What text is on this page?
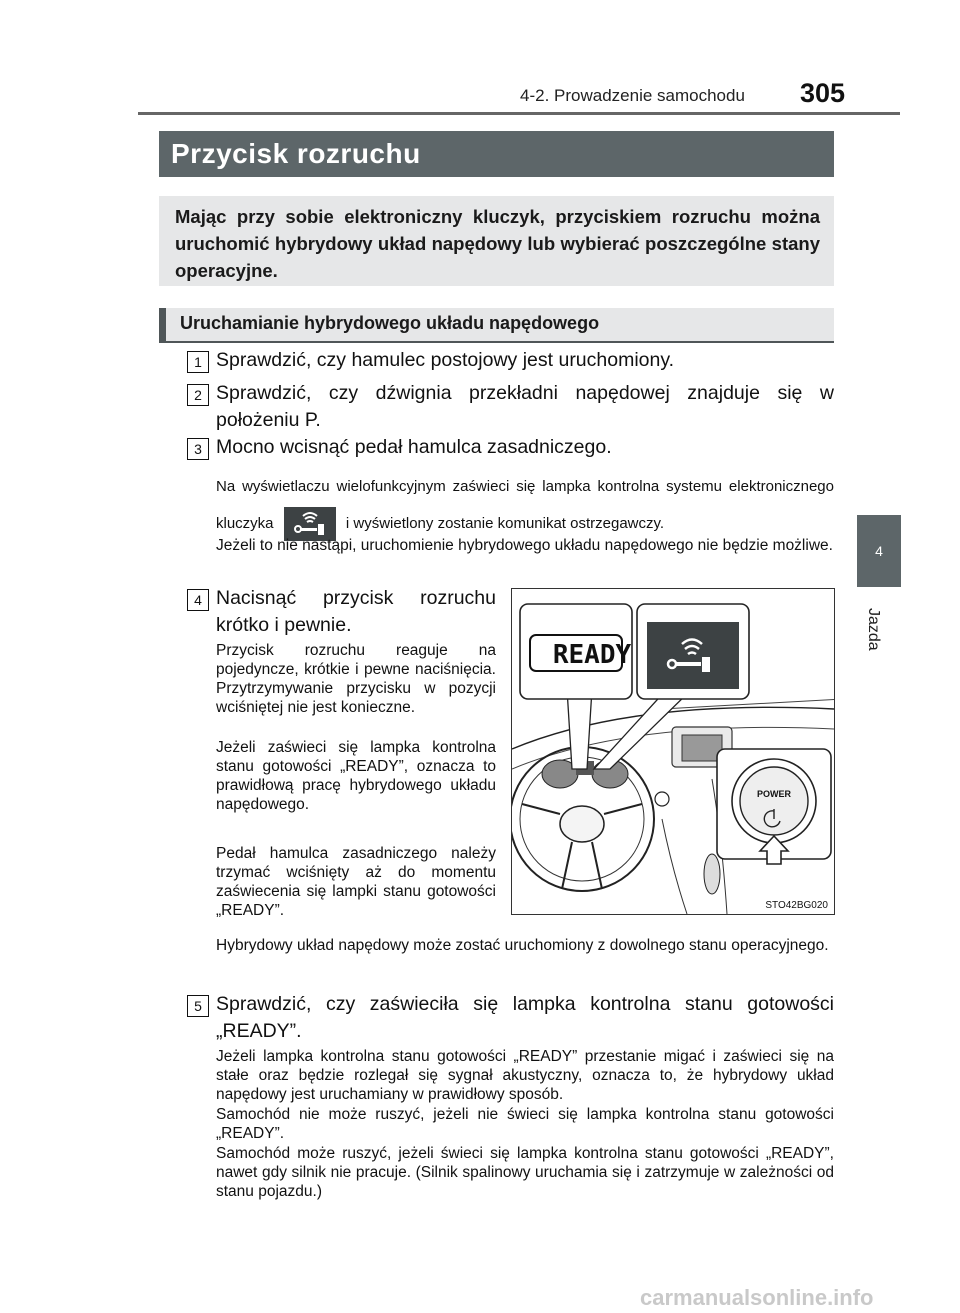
4-2. Prowadzenie samochodu 305
4
Jazda
Przycisk rozruchu

Mając przy sobie elektroniczny kluczyk, przyciskiem rozruchu można uruchomić hybrydowy układ napędowy lub wybierać poszczególne stany operacyjne.

Uruchamianie hybrydowego układu napędowego
1 Sprawdzić, czy hamulec postojowy jest uruchomiony.
2 Sprawdzić, czy dźwignia przekładni napędowej znajduje się w położeniu P.
3 Mocno wcisnąć pedał hamulca zasadniczego.
Na wyświetlaczu wielofunkcyjnym zaświeci się lampka kontrolna systemu elektronicznego kluczyka	i wyświetlony zostanie komunikat ostrzegawczy.
Jeżeli to nie nastąpi, uruchomienie hybrydowego układu napędowego nie będzie możliwe.
4 Nacisnąć przycisk rozruchu krótko i pewnie.
Przycisk rozruchu reaguje na pojedyncze, krótkie i pewne naciśnięcia. Przytrzymywanie przycisku w pozycji wciśniętej nie jest konieczne.
Jeżeli zaświeci się lampka kontrolna stanu gotowości „READY”, oznacza to prawidłową pracę hybrydowego układu napędowego.
Pedał hamulca zasadniczego należy trzymać wciśnięty aż do momentu zaświecenia się lampki stanu gotowości „READY”.
Hybrydowy układ napędowy może zostać uruchomiony z dowolnego stanu operacyjnego.
READY
POWER
STO42BG020
5 Sprawdzić, czy zaświeciła się lampka kontrolna stanu gotowości „READY”.
Jeżeli lampka kontrolna stanu gotowości „READY” przestanie migać i zaświeci się na stałe oraz będzie rozlegał się sygnał akustyczny, oznacza to, że hybrydowy układ napędowy jest uruchamiany w prawidłowy sposób.
Samochód nie może ruszyć, jeżeli nie świeci się lampka kontrolna stanu gotowości „READY”.
Samochód może ruszyć, jeżeli świeci się lampka kontrolna stanu gotowości „READY”, nawet gdy silnik nie pracuje. (Silnik spalinowy uruchamia się i zatrzymuje w zależności od stanu pojazdu.)
carmanualsonline.info
